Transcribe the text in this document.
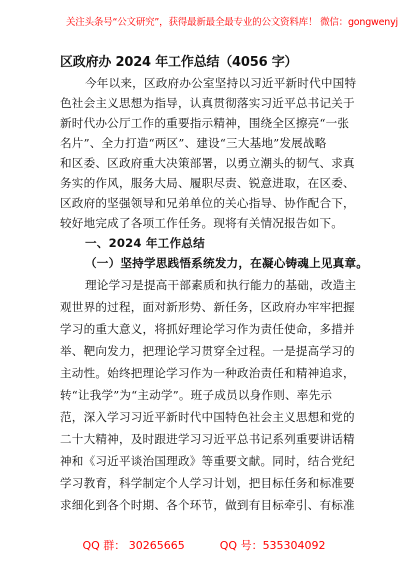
关注头条号“公文研究”，获得最新最全最专业的公文资料库！ 微信：gongwenyj
区政府办 2024 年工作总结（4056 字）
今年以来，区政府办公室坚持以习近平新时代中国特
色社会主义思想为指导，认真贯彻落实习近平总书记关于
新时代办公厅工作的重要指示精神，围绕全区擦亮“一张
名片”、全力打造“两区”、建设“三大基地”发展战略
和区委、区政府重大决策部署，以勇立潮头的韧气、求真
务实的作风，服务大局、履职尽责、锐意进取，在区委、
区政府的坚强领导和兄弟单位的关心指导、协作配合下，
较好地完成了各项工作任务。现将有关情况报告如下。
一、2024 年工作总结
（一）坚持学思践悟系统发力，在凝心铸魂上见真章。
理论学习是提高干部素质和执行能力的基础，改造主
观世界的过程，面对新形势、新任务，区政府办牢牢把握
学习的重大意义，将抓好理论学习作为责任使命，多措并
举、靶向发力，把理论学习贯穿全过程。一是提高学习的
主动性。始终把理论学习作为一种政治责任和精神追求，
转“让我学”为“主动学”。班子成员以身作则、率先示
范，深入学习习近平新时代中国特色社会主义思想和党的
二十大精神，及时跟进学习习近平总书记系列重要讲话精
神和《习近平谈治国理政》等重要文献。同时，结合党纪
学习教育，科学制定个人学习计划，把目标任务和标准要
求细化到各个时期、各个环节，做到有目标牵引、有标准
QQ 群： 30265665	QQ 号：535304092
